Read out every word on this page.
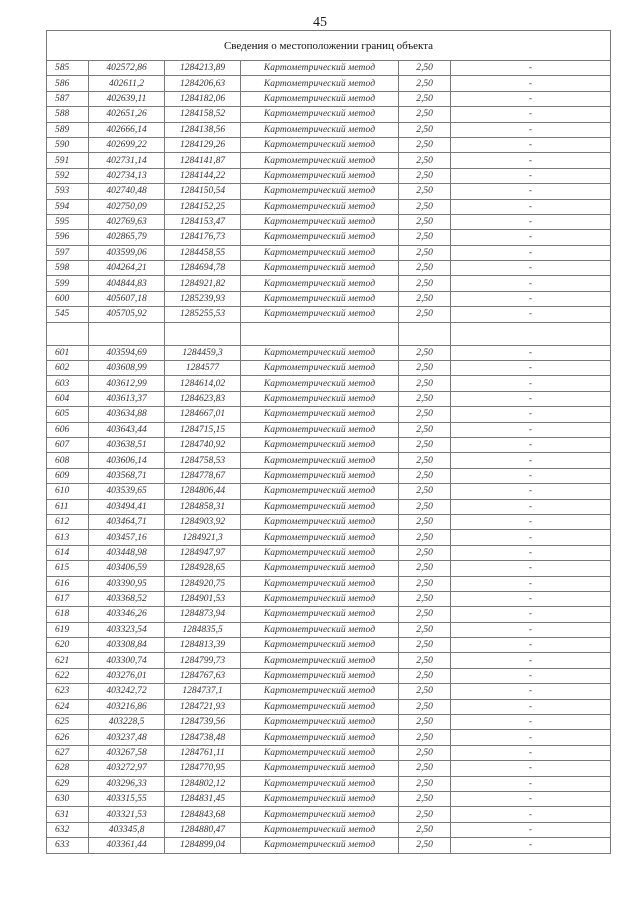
45
Сведения о местоположении границ объекта					
585	402572,86	1284213,89	Картометрический метод	2,50	-
586	402611,2	1284206,63	Картометрический метод	2,50	-
587	402639,11	1284182,06	Картометрический метод	2,50	-
588	402651,26	1284158,52	Картометрический метод	2,50	-
589	402666,14	1284138,56	Картометрический метод	2,50	-
590	402699,22	1284129,26	Картометрический метод	2,50	-
591	402731,14	1284141,87	Картометрический метод	2,50	-
592	402734,13	1284144,22	Картометрический метод	2,50	-
593	402740,48	1284150,54	Картометрический метод	2,50	-
594	402750,09	1284152,25	Картометрический метод	2,50	-
595	402769,63	1284153,47	Картометрический метод	2,50	-
596	402865,79	1284176,73	Картометрический метод	2,50	-
597	403599,06	1284458,55	Картометрический метод	2,50	-
598	404264,21	1284694,78	Картометрический метод	2,50	-
599	404844,83	1284921,82	Картометрический метод	2,50	-
600	405607,18	1285239,93	Картометрический метод	2,50	-
545	405705,92	1285255,53	Картометрический метод	2,50	-

601	403594,69	1284459,3	Картометрический метод	2,50	-
602	403608,99	1284577	Картометрический метод	2,50	-
603	403612,99	1284614,02	Картометрический метод	2,50	-
604	403613,37	1284623,83	Картометрический метод	2,50	-
605	403634,88	1284667,01	Картометрический метод	2,50	-
606	403643,44	1284715,15	Картометрический метод	2,50	-
607	403638,51	1284740,92	Картометрический метод	2,50	-
608	403606,14	1284758,53	Картометрический метод	2,50	-
609	403568,71	1284778,67	Картометрический метод	2,50	-
610	403539,65	1284806,44	Картометрический метод	2,50	-
611	403494,41	1284858,31	Картометрический метод	2,50	-
612	403464,71	1284903,92	Картометрический метод	2,50	-
613	403457,16	1284921,3	Картометрический метод	2,50	-
614	403448,98	1284947,97	Картометрический метод	2,50	-
615	403406,59	1284928,65	Картометрический метод	2,50	-
616	403390,95	1284920,75	Картометрический метод	2,50	-
617	403368,52	1284901,53	Картометрический метод	2,50	-
618	403346,26	1284873,94	Картометрический метод	2,50	-
619	403323,54	1284835,5	Картометрический метод	2,50	-
620	403308,84	1284813,39	Картометрический метод	2,50	-
621	403300,74	1284799,73	Картометрический метод	2,50	-
622	403276,01	1284767,63	Картометрический метод	2,50	-
623	403242,72	1284737,1	Картометрический метод	2,50	-
624	403216,86	1284721,93	Картометрический метод	2,50	-
625	403228,5	1284739,56	Картометрический метод	2,50	-
626	403237,48	1284738,48	Картометрический метод	2,50	-
627	403267,58	1284761,11	Картометрический метод	2,50	-
628	403272,97	1284770,95	Картометрический метод	2,50	-
629	403296,33	1284802,12	Картометрический метод	2,50	-
630	403315,55	1284831,45	Картометрический метод	2,50	-
631	403321,53	1284843,68	Картометрический метод	2,50	-
632	403345,8	1284880,47	Картометрический метод	2,50	-
633	403361,44	1284899,04	Картометрический метод	2,50	-
